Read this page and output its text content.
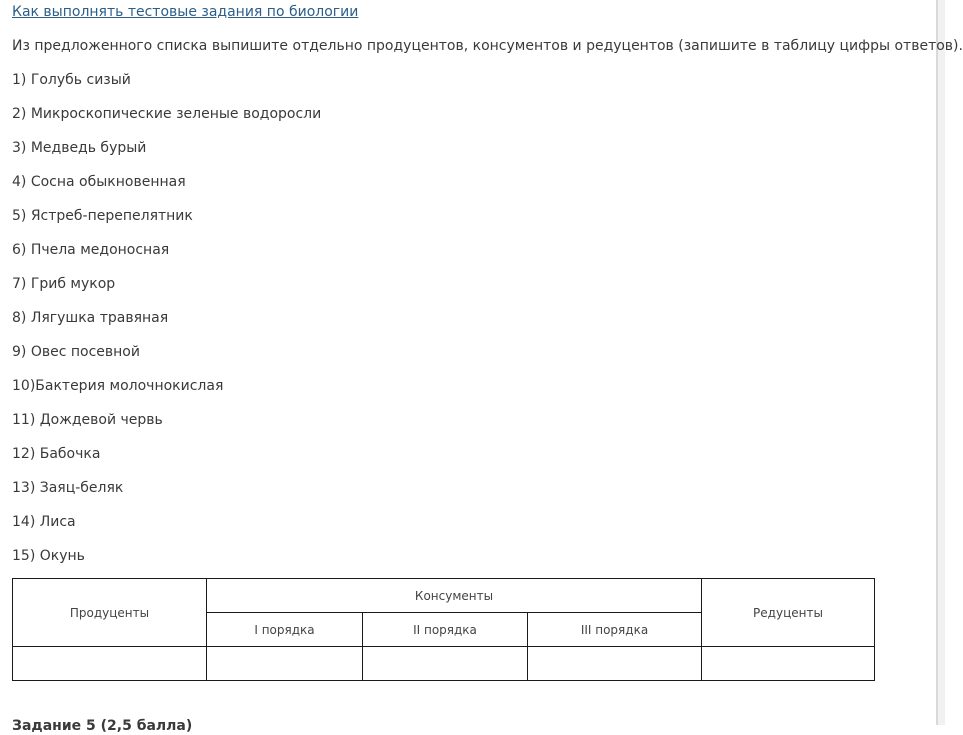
Как выполнять тестовые задания по биологии

Из предложенного списка выпишите отдельно продуцентов, консументов и редуцентов (запишите в таблицу цифры ответов).

1) Голубь сизый
2) Микроскопические зеленые водоросли
3) Медведь бурый
4) Сосна обыкновенная
5) Ястреб-перепелятник
6) Пчела медоносная
7) Гриб мукор
8) Лягушка травяная
9) Овес посевной
10)Бактерия молочнокислая
11) Дождевой червь
12) Бабочка
13) Заяц-беляк
14) Лиса
15) Окунь
Продуценты	Консументы			Редуценты
	I порядка	II порядка	III порядка	

Задание 5 (2,5 балла)
